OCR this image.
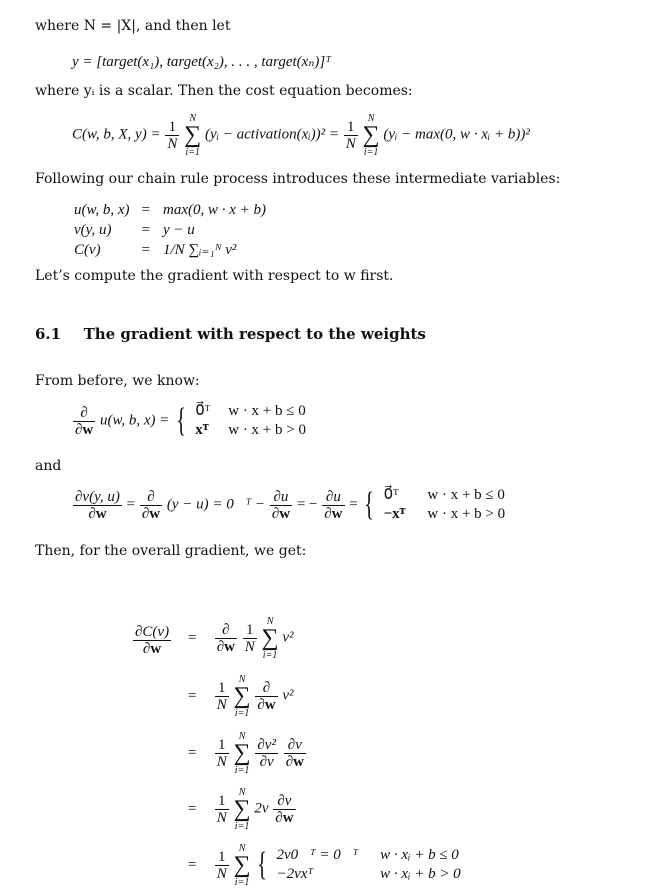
where N = |X|, and then let
y = [target(x₁), target(x₂), . . . , target(xₙ)]ᵀ
where yᵢ is a scalar. Then the cost equation becomes:
C(w, b, X, $y) = \frac{1}{N}$ N
∑
i=1 (yᵢ − activation(xᵢ))² = $\frac{1}{N}$ N
∑
i=1 (yᵢ − max(0, w · xᵢ + b))²
Following our chain rule process introduces these intermediate variables:
u(w, b, x)	=	max(0, w · x + b)
v(y, u)	=	y − u
C(v)	=	1/N ∑ᵢ₌₁ᴺ v²
Let’s compute the gradient with respect to w first.
6.1 The gradient with respect to the weights
From before, we know:
$\frac{\partial}{\partial w} u(w$, b, x) = { 0⃗ᵀ	w · x + b ≤ 0
xᵀ	w · x + b > 0
and
$\frac{\partial v(y, u)}{\partial w} = \frac{\partial}{\partial w} (y - u)$ = 0⃗ᵀ − $\frac{\partial u}{\partial w}$ = − $\frac{\partial u}{\partial w}$ = { 0⃗ᵀ	w · x + b ≤ 0
−xᵀ	w · x + b > 0
Then, for the overall gradient, we get:
$\frac{\partial C(v)}{\partial w} = \frac{\partial}{\partial w}$
$\frac{1}{N}$ N
∑
i=1 v²
= $\frac{1}{N}$ N
∑
i=1
$\frac{\partial}{\partial w} v^2$
= $\frac{1}{N}$ N
∑
i=1
$\frac{\text{∂v²}}{\partial v}$
$\frac{\partial v}{\partial w}$
= $\frac{1}{N}$ N
∑
i=1 $2v \frac{\partial v}{\partial w}$
= $\frac{1}{N}$ N
∑
i=1 { 2v0⃗ᵀ = 0⃗ᵀ	w · xᵢ + b ≤ 0
−2vxᵀ	w · xᵢ + b > 0
